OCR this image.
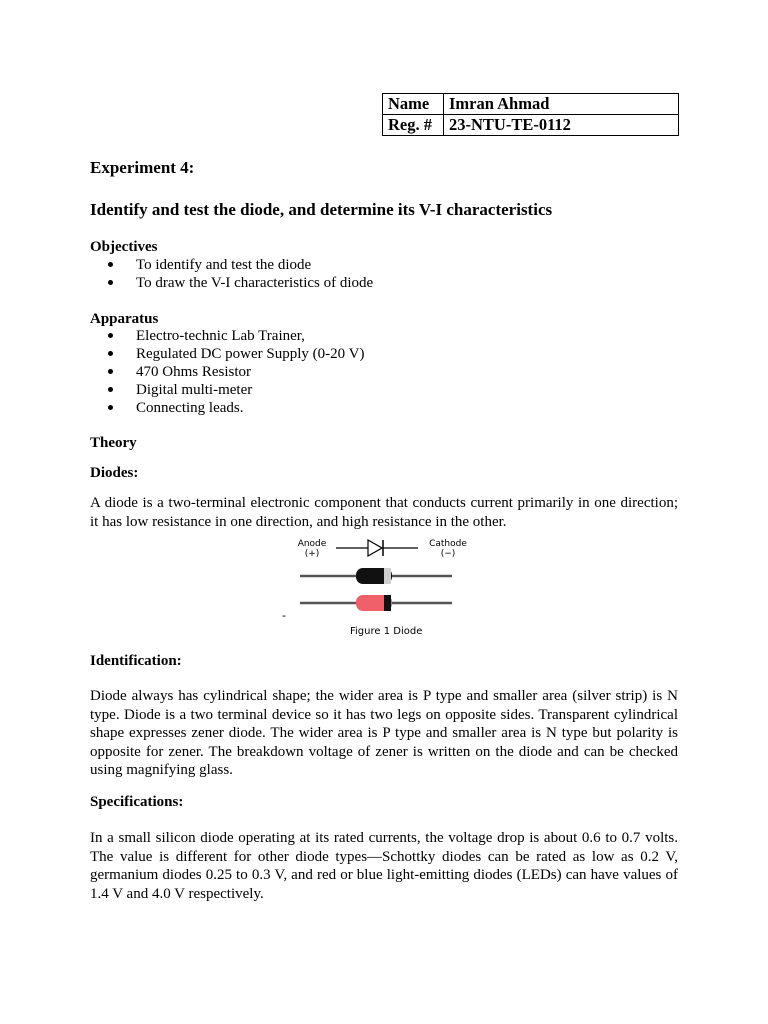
Name	Imran Ahmad
Reg. #	23-NTU-TE-0112
Experiment 4:
Identify and test the diode, and determine its V-I characteristics

Objectives

To identify and test the diode
To draw the V-I characteristics of diode

Apparatus

Electro-technic Lab Trainer,
Regulated DC power Supply (0-20 V)
470 Ohms Resistor
Digital multi-meter
Connecting leads.

Theory

Diodes:

A diode is a two-terminal electronic component that conducts current primarily in one direction; it has low resistance in one direction, and high resistance in the other.

Anode
(+)
Cathode
(−)
-
Figure 1 Diode

Identification:

Diode always has cylindrical shape; the wider area is P type and smaller area (silver strip) is N type. Diode is a two terminal device so it has two legs on opposite sides. Transparent cylindrical shape expresses zener diode. The wider area is P type and smaller area is N type but polarity is opposite for zener. The breakdown voltage of zener is written on the diode and can be checked using magnifying glass.

Specifications:

In a small silicon diode operating at its rated currents, the voltage drop is about 0.6 to 0.7 volts. The value is different for other diode types—Schottky diodes can be rated as low as 0.2 V, germanium diodes 0.25 to 0.3 V, and red or blue light-emitting diodes (LEDs) can have values of 1.4 V and 4.0 V respectively.
